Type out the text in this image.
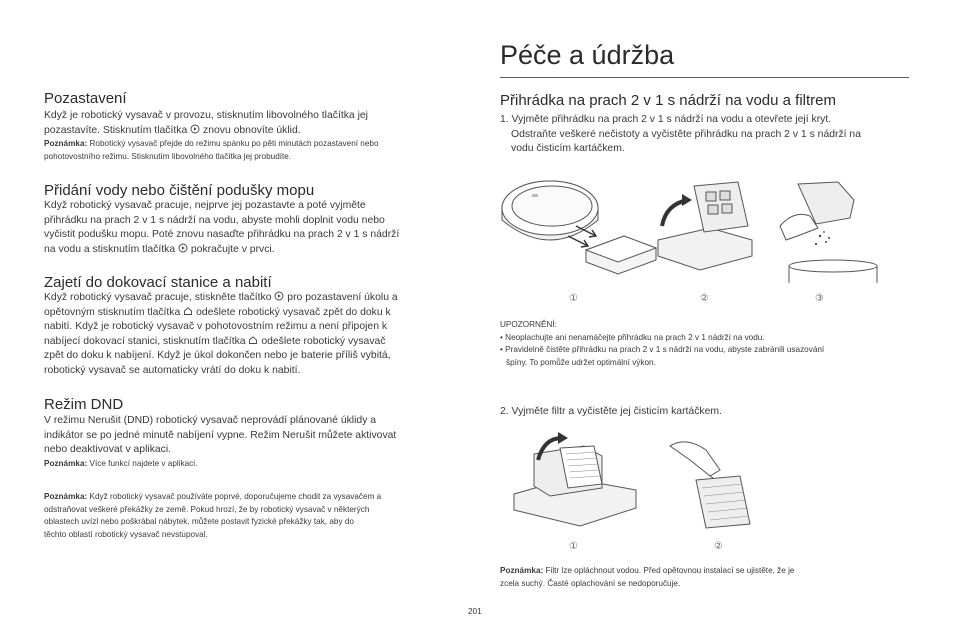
Péče a údržba
Pozastavení
Když je robotický vysavač v provozu, stisknutím libovolného tlačítka jej
pozastavíte. Stisknutím tlačítka  znovu obnovíte úklid.
Poznámka: Robotický vysavač přejde do režimu spánku po pěti minutách pozastavení nebo
pohotovostního režimu. Stisknutím libovolného tlačítka jej probudíte.
Přidání vody nebo čištění podušky mopu
Když robotický vysavač pracuje, nejprve jej pozastavte a poté vyjměte
přihrádku na prach 2 v 1 s nádrží na vodu, abyste mohli doplnit vodu nebo
vyčistit podušku mopu. Poté znovu nasaďte přihrádku na prach 2 v 1 s nádrží
na vodu a stisknutím tlačítka  pokračujte v prvci.
Zajetí do dokovací stanice a nabití
Když robotický vysavač pracuje, stiskněte tlačítko  pro pozastavení úkolu a
opětovným stisknutím tlačítka  odešlete robotický vysavač zpět do doku k
nabití. Když je robotický vysavač v pohotovostním režimu a není připojen k
nabíjecí dokovací stanici, stisknutím tlačítka  odešlete robotický vysavač
zpět do doku k nabíjení. Když je úkol dokončen nebo je baterie příliš vybitá,
robotický vysavač se automaticky vrátí do doku k nabití.
Režim DND
V režimu Nerušit (DND) robotický vysavač neprovádí plánované úklidy a
indikátor se po jedné minutě nabíjení vypne. Režim Nerušit můžete aktivovat
nebo deaktivovat v aplikaci.
Poznámka: Více funkcí najdete v aplikaci.
Poznámka: Když robotický vysavač používáte poprvé, doporučujeme chodit za vysavačem a
odstraňovat veškeré překážky ze země. Pokud hrozí, že by robotický vysavač v některých
oblastech uvízl nebo poškrábal nábytek, můžete postavit fyzické překážky tak, aby do
těchto oblastí robotický vysavač nevstupoval.
Přihrádka na prach 2 v 1 s nádrží na vodu a filtrem
1. Vyjměte přihrádku na prach 2 v 1 s nádrží na vodu a otevřete její kryt.
Odstraňte veškeré nečistoty a vyčistěte přihrádku na prach 2 v 1 s nádrží na
vodu čisticím kartáčkem.
①	②	③
UPOZORNĚNÍ:
• Neoplachujte ani nenamáčejte přihrádku na prach 2 v 1 nádrží na vodu.
• Pravidelně čistěte přihrádku na prach 2 v 1 s nádrží na vodu, abyste zabránili usazování
špíny. To pomůže udržet optimální výkon.
2. Vyjměte filtr a vyčistěte jej čisticím kartáčkem.
①	②
Poznámka: Filtr lze opláchnout vodou. Před opětovnou instalací se ujistěte, že je
zcela suchý. Časté oplachování se nedoporučuje.
201
